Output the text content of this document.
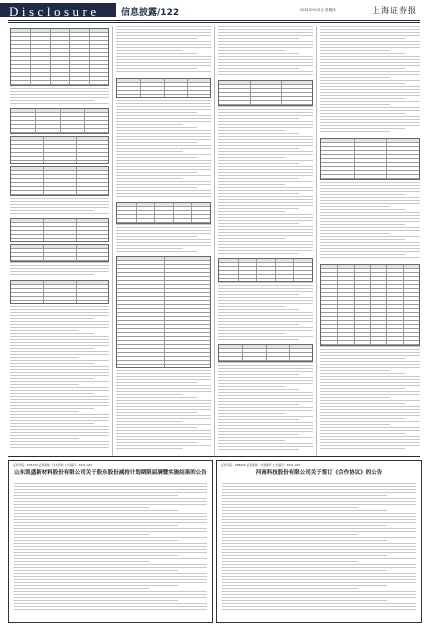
Disclosure 信息披露/122	2021年9月2日 星期四	上海证券报
证券代码：603339 证券简称：四方科技 公告编号：2021-044
山东凯盛新材料股份有限公司关于股东股份减持计划期限届满暨实施结果的公告
证券代码：688009 证券简称：中国通号 公告编号：2021-029
河南科技股份有限公司关于签订《合作协议》的公告
